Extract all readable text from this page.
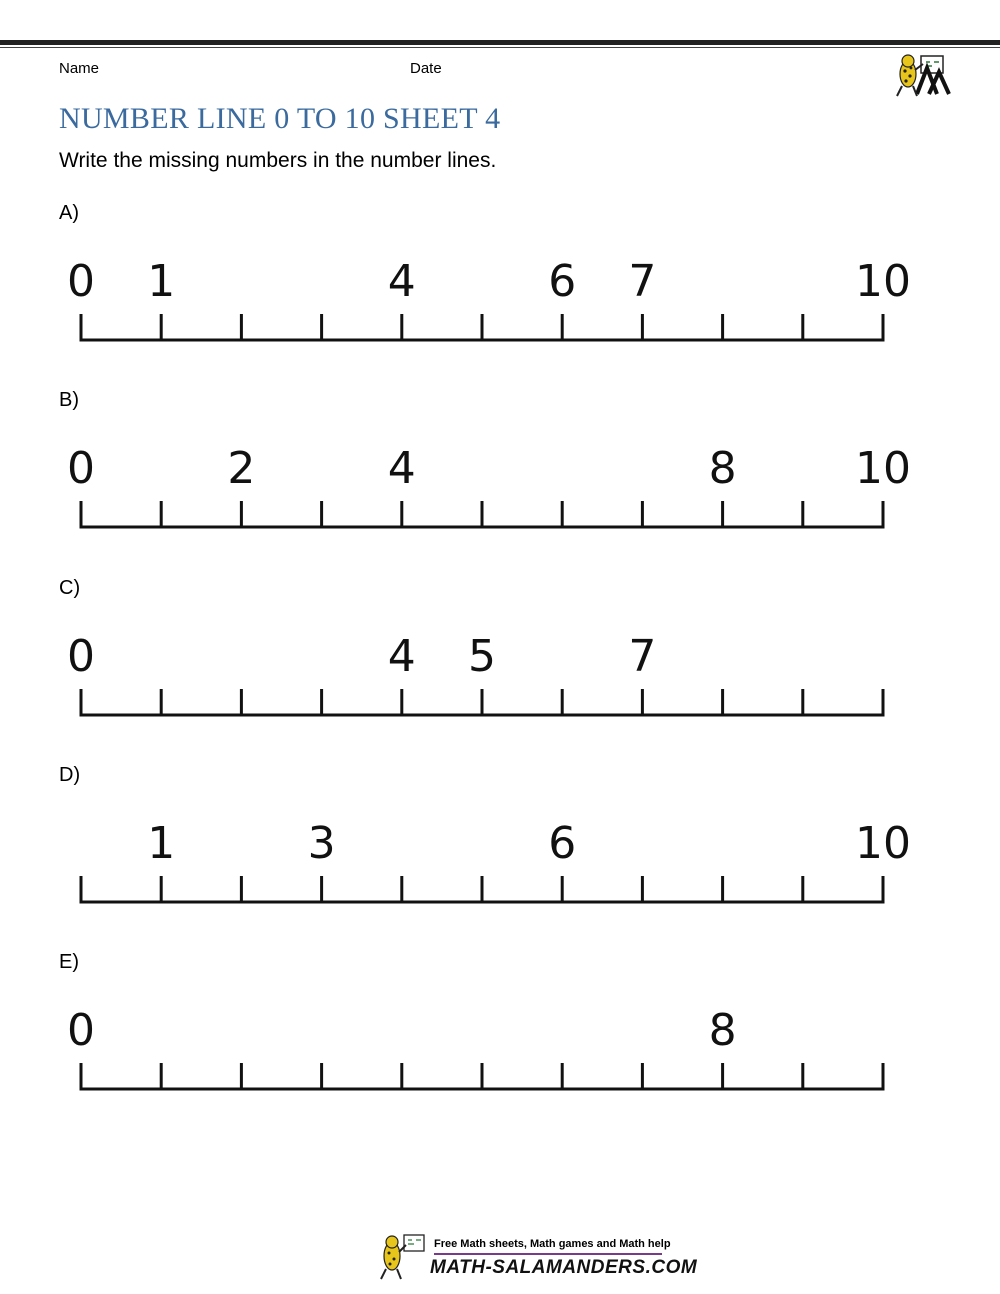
Name	Date
NUMBER LINE 0 TO 10 SHEET 4
Write the missing numbers in the number lines.
A)
0 1	4	6 7	10
B)
0	2	4	8	10
C)
0	4 5	7
D)
1	3	6	10
E)
0	8
Free Math sheets, Math games and Math help
MATH-SALAMANDERS.COM
